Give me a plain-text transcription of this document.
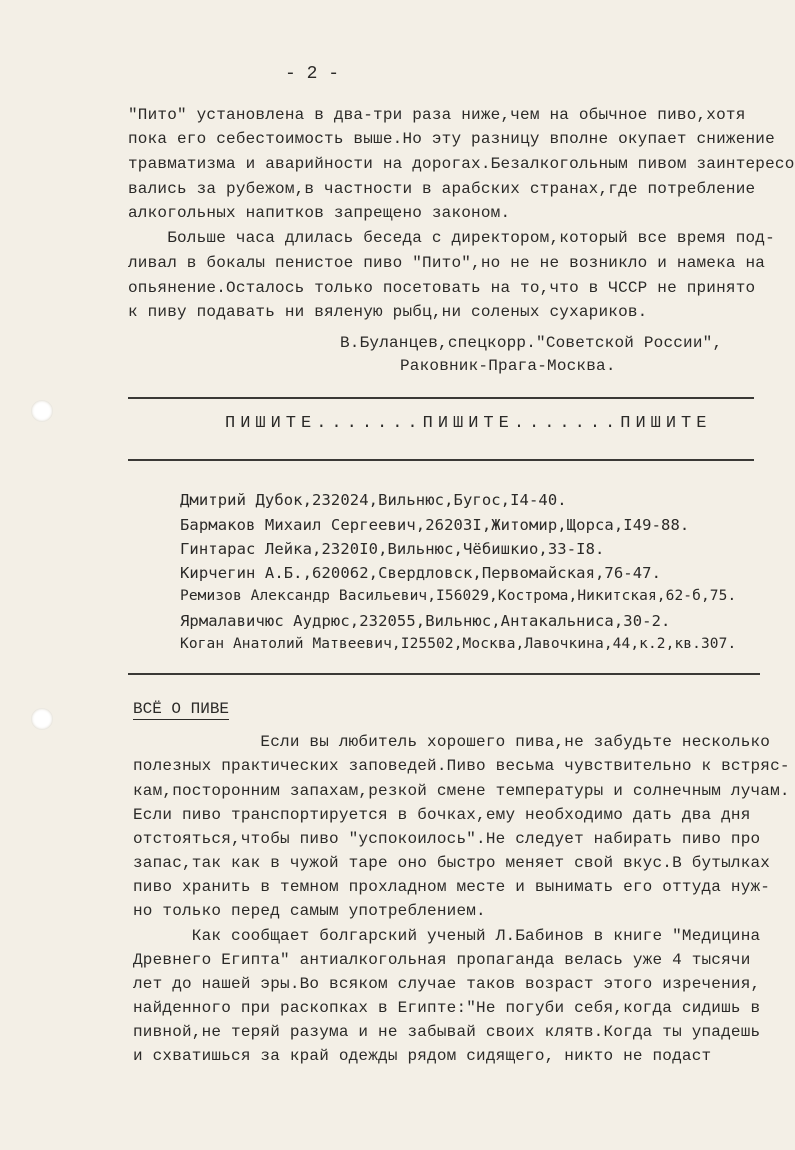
- 2 -
"Пито" установлена в два-три раза ниже,чем на обычное пиво,хотя
пока его себестоимость выше.Но эту разницу вполне окупает снижение
травматизма и аварийности на дорогах.Безалкогольным пивом заинтересо
вались за рубежом,в частности в арабских странах,где потребление
алкогольных напитков запрещено законом.
Больше часа длилась беседа с директором,который все время под-
ливал в бокалы пенистое пиво "Пито",но не не возникло и намека на
опьянение.Осталось только посетовать на то,что в ЧССР не принято
к пиву подавать ни вяленую рыбц,ни соленых сухариков.
В.Буланцев,спецкорр."Советской России",
Раковник-Прага-Москва.
ПИШИТЕ.......ПИШИТЕ.......ПИШИТЕ
Дмитрий Дубок,232024,Вильнюс,Бугос,I4-40.
Бармаков Михаил Сергеевич,26203I,Житомир,Щорса,I49-88.
Гинтарас Лейка,2320I0,Вильнюс,Чёбишкио,33-I8.
Кирчегин А.Б.,620062,Свердловск,Первомайская,76-47.
Ремизов Александр Васильевич,I56029,Кострома,Никитская,62-б,75.
Ярмалавичюс Аудрюс,232055,Вильнюс,Антакальниса,30-2.
Коган Анатолий Матвеевич,I25502,Москва,Лавочкина,44,к.2,кв.307.
ВСЁ О ПИВЕ
Если вы любитель хорошего пива,не забудьте несколько
полезных практических заповедей.Пиво весьма чувствительно к встряс-
кам,посторонним запахам,резкой смене температуры и солнечным лучам.
Если пиво транспортируется в бочках,ему необходимо дать два дня
отстояться,чтобы пиво "успокоилось".Не следует набирать пиво про
запас,так как в чужой таре оно быстро меняет свой вкус.В бутылках
пиво хранить в темном прохладном месте и вынимать его оттуда нуж-
но только перед самым употреблением.
Как сообщает болгарский ученый Л.Бабинов в книге "Медицина
Древнего Египта" антиалкогольная пропаганда велась уже 4 тысячи
лет до нашей эры.Во всяком случае таков возраст этого изречения,
найденного при раскопках в Египте:"Не погуби себя,когда сидишь в
пивной,не теряй разума и не забывай своих клятв.Когда ты упадешь
и схватишься за край одежды рядом сидящего, никто не подаст
